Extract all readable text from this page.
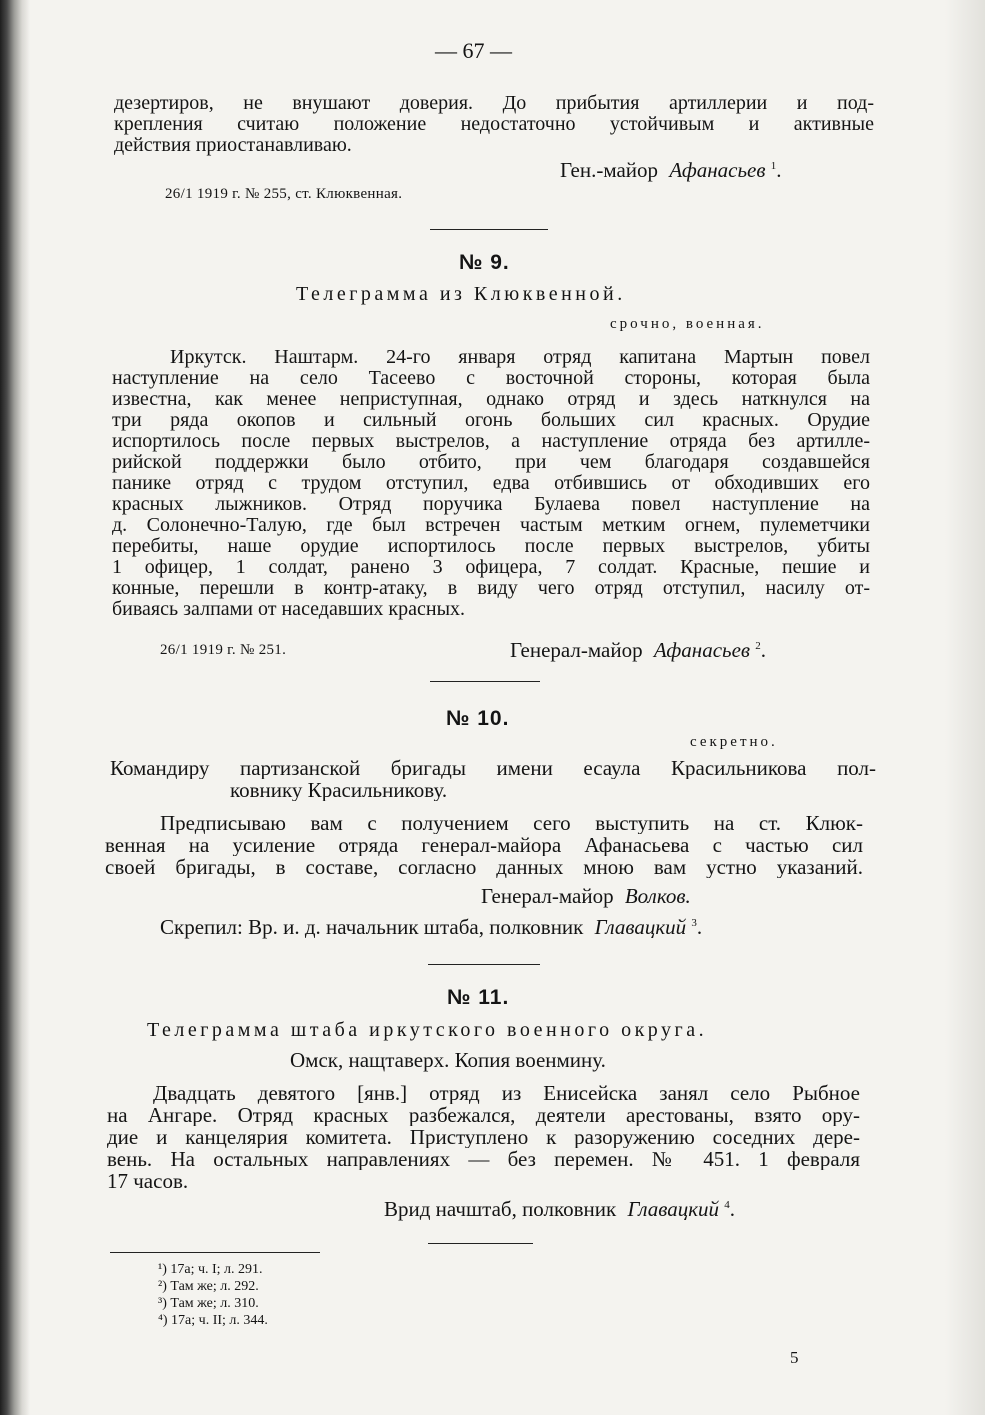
— 67 —
дезертиров, не внушают доверия. До прибытия артиллерии и под-
крепления считаю положение недостаточно устойчивым и активные
действия приостанавливаю.
Ген.-майор Афанасьев $^1$.
26/1 1919 г. № 255, ст. Клюквенная.
№ 9.
Телеграмма из Клюквенной.
срочно, военная.
Иркутск. Наштарм. 24-го января отряд капитана Мартын повел
наступление на село Тасеево с восточной стороны, которая была
известна, как менее неприступная, однако отряд и здесь наткнулся на
три ряда окопов и сильный огонь больших сил красных. Орудие
испортилось после первых выстрелов, а наступление отряда без артилле-
рийской поддержки было отбито, при чем благодаря создавшейся
панике отряд с трудом отступил, едва отбившись от обходивших его
красных лыжников. Отряд поручика Булаева повел наступление на
д. Солонечно-Талую, где был встречен частым метким огнем, пулеметчики
перебиты, наше орудие испортилось после первых выстрелов, убиты
1 офицер, 1 солдат, ранено 3 офицера, 7 солдат. Красные, пешие и
конные, перешли в контр-атаку, в виду чего отряд отступил, насилу от-
биваясь залпами от наседавших красных.
26/1 1919 г. № 251.	Генерал-майор Афанасьев $^2$.
№ 10.
секретно.
Командиру партизанской бригады имени есаула Красильникова пол-
ковнику Красильникову.
Предписываю вам с получением сего выступить на ст. Клюк-
венная на усиление отряда генерал-майора Афанасьева с частью сил
своей бригады, в составе, согласно данных мною вам устно указаний.
Генерал-майор Волков.
Скрепил: Вр. и. д. начальник штаба, полковник Главацкий $^3$.
№ 11.
Телеграмма штаба иркутского военного округа.
Омск, нащтаверх. Копия военмину.
Двадцать девятого [янв.] отряд из Енисейска занял село Рыбное
на Ангаре. Отряд красных разбежался, деятели арестованы, взято ору-
дие и канцелярия комитета. Приступлено к разоружению соседних дере-
вень. На остальных направлениях — без перемен. № 451. 1 февраля
17 часов.
Врид начштаб, полковник Главацкий $^4$.
¹) 17а; ч. I; л. 291.
²) Там же; л. 292.
³) Там же; л. 310.
⁴) 17а; ч. II; л. 344.
5
